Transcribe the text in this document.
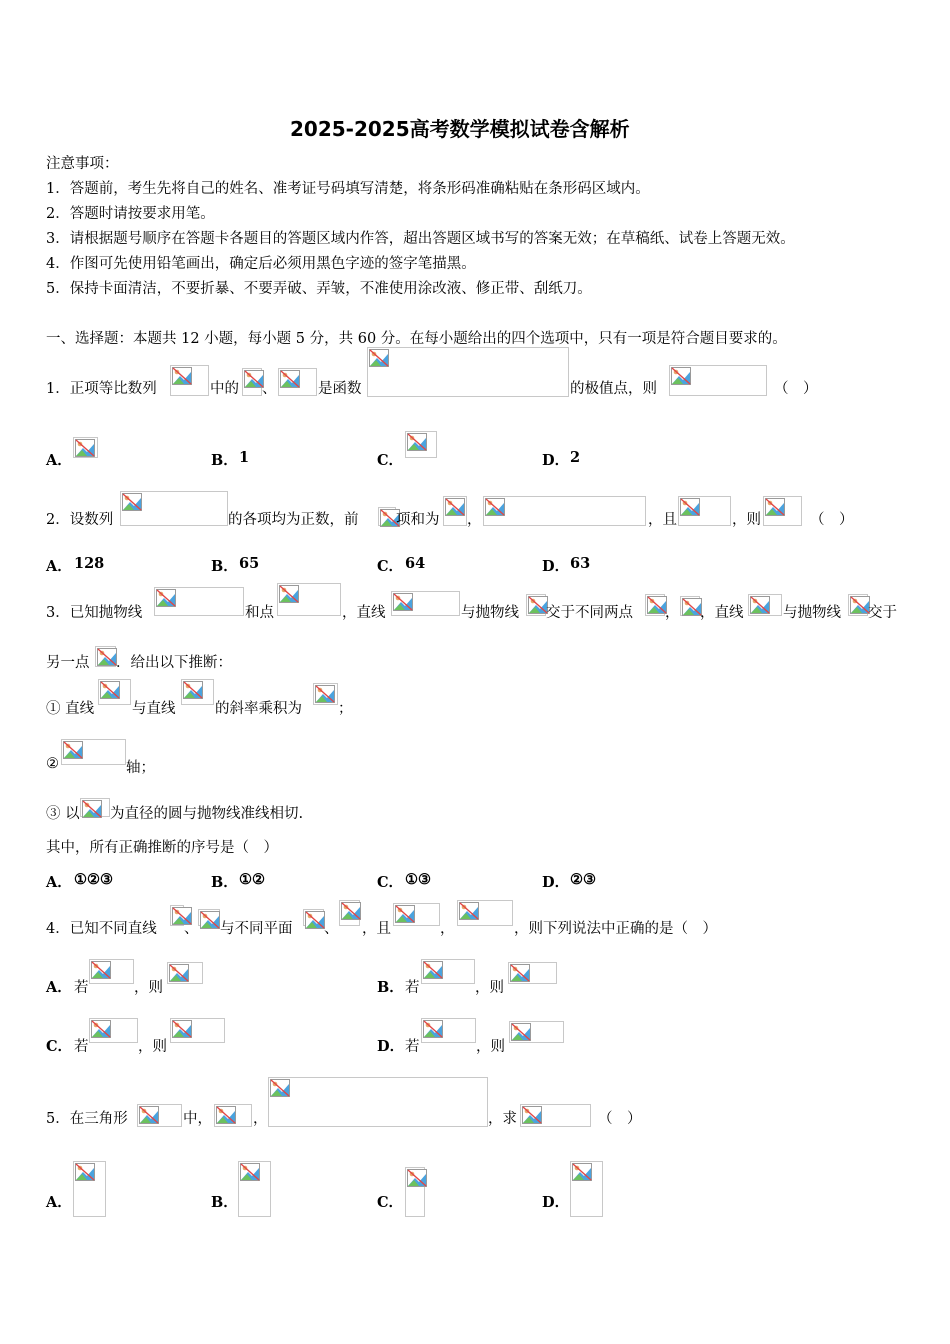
2025-2025高考数学模拟试卷含解析
注意事项：
1．答题前，考生先将自己的姓名、准考证号码填写清楚，将条形码准确粘贴在条形码区域内。
2．答题时请按要求用笔。
3．请根据题号顺序在答题卡各题目的答题区域内作答，超出答题区域书写的答案无效；在草稿纸、试卷上答题无效。
4．作图可先使用铅笔画出，确定后必须用黑色字迹的签字笔描黑。
5．保持卡面清洁，不要折暴、不要弄破、弄皱，不准使用涂改液、修正带、刮纸刀。
一、选择题：本题共 12 小题，每小题 5 分，共 60 分。在每小题给出的四个选项中，只有一项是符合题目要求的。
1．正项等比数列	中的 、	是函数	的极值点，则	（　）
A．	B． 1	C．	D． 2
2．设数列	的各项均为正数，前	项和为 ，	，且	，则	（　）
A． 128	B． 65	C． 64	D． 63
3．已知抛物线	和点	，直线	与抛物线 交于不同两点 ， ，直线	与抛物线 交于
另一点 ．给出以下推断：
① 直线	与直线	的斜率乘积为 ；
②	轴；
③ 以 为直径的圆与抛物线准线相切.
其中，所有正确推断的序号是（　）
A． ①②③	B． ①②	C． ①③	D． ②③
4．已知不同直线 、 与不同平面 、 ，且	，	，则下列说法中正确的是（　）
A． 若	，则	B． 若	，则
C． 若	，则	D． 若	，则
5．在三角形	中，	，	，求	（　）
A．	B．	C．	D．
